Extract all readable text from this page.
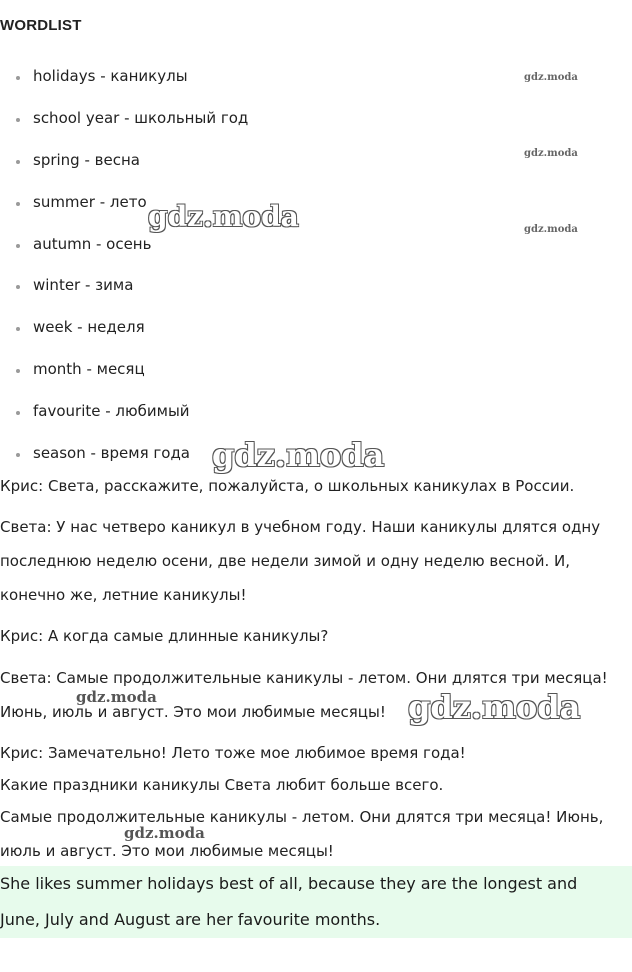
WORDLIST
holidays - каникулы
school year - школьный год
spring - весна
summer - лето
autumn - осень
winter - зима
week - неделя
month - месяц
favourite - любимый
season - время года
Крис: Света, расскажите, пожалуйста, о школьных каникулах в России.
Света: У нас четверо каникул в учебном году. Наши каникулы длятся одну
последнюю неделю осени, две недели зимой и одну неделю весной. И,
конечно же, летние каникулы!
Крис: А когда самые длинные каникулы?
Света: Самые продолжительные каникулы - летом. Они длятся три месяца!
Июнь, июль и август. Это мои любимые месяцы!
Крис: Замечательно! Лето тоже мое любимое время года!
Какие праздники каникулы Света любит больше всего.
Самые продолжительные каникулы - летом. Они длятся три месяца! Июнь,
июль и август. Это мои любимые месяцы!
She likes summer holidays best of all, because they are the longest and
June, July and August are her favourite months.
gdz.moda
gdz.moda
gdz.moda
gdz.moda
gdz.moda
gdz.moda
gdz.moda
gdz.moda
